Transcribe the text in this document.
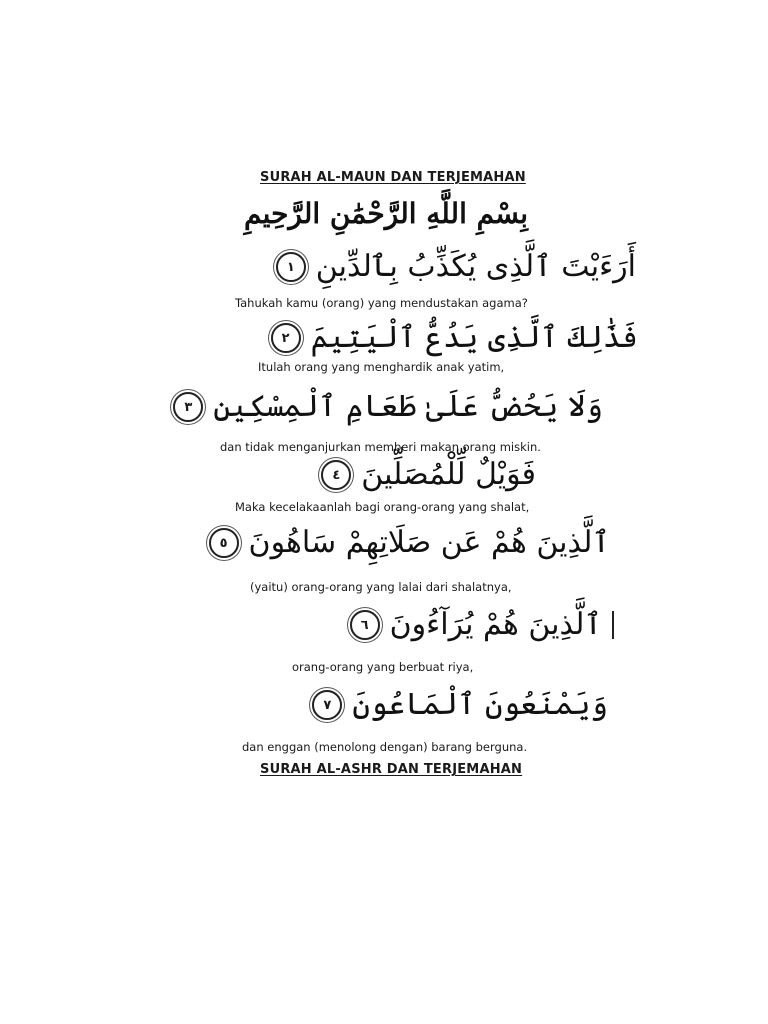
SURAH AL-MAUN DAN TERJEMAHAN
بِسْمِ اللَّهِ الرَّحْمَٰنِ الرَّحِيمِ
١ أَرَءَيْتَ ٱلَّذِى يُكَذِّبُ بِٱلدِّينِ
Tahukah kamu (orang) yang mendustakan agama?
٢ فَذَٰلِكَ ٱلَّذِى يَدُعُّ ٱلْيَتِيمَ
Itulah orang yang menghardik anak yatim,
٣ وَلَا يَحُضُّ عَلَىٰ طَعَامِ ٱلْمِسْكِينِ
dan tidak menganjurkan memberi makan orang miskin.
٤ فَوَيْلٌ لِّلْمُصَلِّينَ
Maka kecelakaanlah bagi orang-orang yang shalat,
٥ ٱلَّذِينَ هُمْ عَن صَلَاتِهِمْ سَاهُونَ
(yaitu) orang-orang yang lalai dari shalatnya,
٦ ٱلَّذِينَ هُمْ يُرَآءُونَ
orang-orang yang berbuat riya,
٧ وَيَمْنَعُونَ ٱلْمَاعُونَ
dan enggan (menolong dengan) barang berguna.
SURAH AL-ASHR DAN TERJEMAHAN
